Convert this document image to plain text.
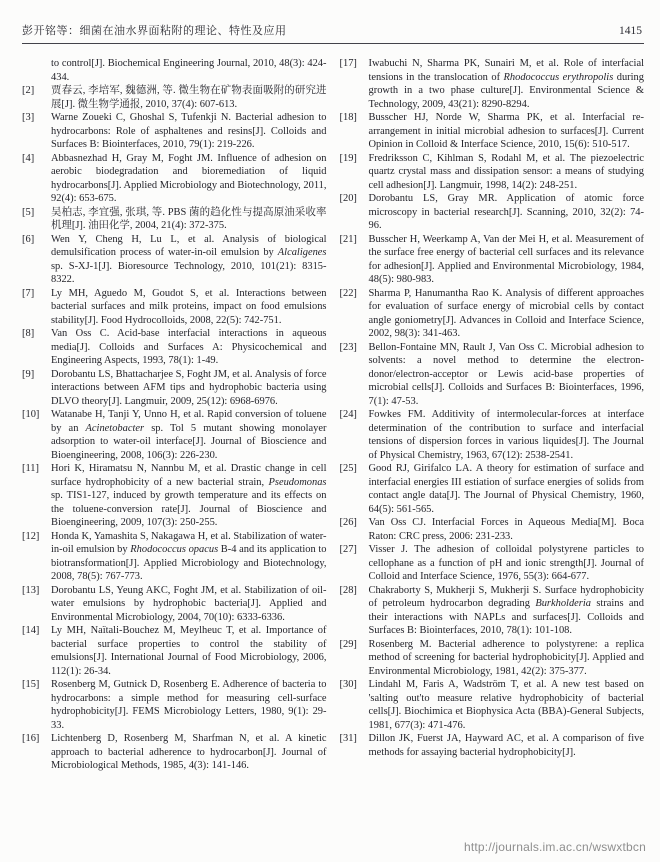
彭开铭等：细菌在油水界面粘附的理论、特性及应用	1415
to control[J]. Biochemical Engineering Journal, 2010, 48(3): 424-434.
[2]	贾春云, 李培军, 魏德洲, 等. 微生物在矿物表面吸附的研究进展[J]. 微生物学通报, 2010, 37(4): 607-613.
[3]	Warne Zoueki C, Ghoshal S, Tufenkji N. Bacterial adhesion to hydrocarbons: Role of asphaltenes and resins[J]. Colloids and Surfaces B: Biointerfaces, 2010, 79(1): 219-226.
[4]	Abbasnezhad H, Gray M, Foght JM. Influence of adhesion on aerobic biodegradation and bioremediation of liquid hydrocarbons[J]. Applied Microbiology and Biotechnology, 2011, 92(4): 653-675.
[5]	吴柏志, 李宜强, 张琪, 等. PBS 菌的趋化性与提高原油采收率机理[J]. 油田化学, 2004, 21(4): 372-375.
[6]	Wen Y, Cheng H, Lu L, et al. Analysis of biological demulsification process of water-in-oil emulsion by Alcaligenes sp. S-XJ-1[J]. Bioresource Technology, 2010, 101(21): 8315-8322.
[7]	Ly MH, Aguedo M, Goudot S, et al. Interactions between bacterial surfaces and milk proteins, impact on food emulsions stability[J]. Food Hydrocolloids, 2008, 22(5): 742-751.
[8]	Van Oss C. Acid-base interfacial interactions in aqueous media[J]. Colloids and Surfaces A: Physicochemical and Engineering Aspects, 1993, 78(1): 1-49.
[9]	Dorobantu LS, Bhattacharjee S, Foght JM, et al. Analysis of force interactions between AFM tips and hydrophobic bacteria using DLVO theory[J]. Langmuir, 2009, 25(12): 6968-6976.
[10]	Watanabe H, Tanji Y, Unno H, et al. Rapid conversion of toluene by an Acinetobacter sp. Tol 5 mutant showing monolayer adsorption to water-oil interface[J]. Journal of Bioscience and Bioengineering, 2008, 106(3): 226-230.
[11]	Hori K, Hiramatsu N, Nannbu M, et al. Drastic change in cell surface hydrophobicity of a new bacterial strain, Pseudomonas sp. TIS1-127, induced by growth temperature and its effects on the toluene-conversion rate[J]. Journal of Bioscience and Bioengineering, 2009, 107(3): 250-255.
[12]	Honda K, Yamashita S, Nakagawa H, et al. Stabilization of water-in-oil emulsion by Rhodococcus opacus B-4 and its application to biotransformation[J]. Applied Microbiology and Biotechnology, 2008, 78(5): 767-773.
[13]	Dorobantu LS, Yeung AKC, Foght JM, et al. Stabilization of oil-water emulsions by hydrophobic bacteria[J]. Applied and Environmental Microbiology, 2004, 70(10): 6333-6336.
[14]	Ly MH, Naïtali-Bouchez M, Meylheuc T, et al. Importance of bacterial surface properties to control the stability of emulsions[J]. International Journal of Food Microbiology, 2006, 112(1): 26-34.
[15]	Rosenberg M, Gutnick D, Rosenberg E. Adherence of bacteria to hydrocarbons: a simple method for measuring cell-surface hydrophobicity[J]. FEMS Microbiology Letters, 1980, 9(1): 29-33.
[16]	Lichtenberg D, Rosenberg M, Sharfman N, et al. A kinetic approach to bacterial adherence to hydrocarbon[J]. Journal of Microbiological Methods, 1985, 4(3): 141-146.
[17]	Iwabuchi N, Sharma PK, Sunairi M, et al. Role of interfacial tensions in the translocation of Rhodococcus erythropolis during growth in a two phase culture[J]. Environmental Science & Technology, 2009, 43(21): 8290-8294.
[18]	Busscher HJ, Norde W, Sharma PK, et al. Interfacial re-arrangement in initial microbial adhesion to surfaces[J]. Current Opinion in Colloid & Interface Science, 2010, 15(6): 510-517.
[19]	Fredriksson C, Kihlman S, Rodahl M, et al. The piezoelectric quartz crystal mass and dissipation sensor: a means of studying cell adhesion[J]. Langmuir, 1998, 14(2): 248-251.
[20]	Dorobantu LS, Gray MR. Application of atomic force microscopy in bacterial research[J]. Scanning, 2010, 32(2): 74-96.
[21]	Busscher H, Weerkamp A, Van der Mei H, et al. Measurement of the surface free energy of bacterial cell surfaces and its relevance for adhesion[J]. Applied and Environmental Microbiology, 1984, 48(5): 980-983.
[22]	Sharma P, Hanumantha Rao K. Analysis of different approaches for evaluation of surface energy of microbial cells by contact angle goniometry[J]. Advances in Colloid and Interface Science, 2002, 98(3): 341-463.
[23]	Bellon-Fontaine MN, Rault J, Van Oss C. Microbial adhesion to solvents: a novel method to determine the electron-donor/electron-acceptor or Lewis acid-base properties of microbial cells[J]. Colloids and Surfaces B: Biointerfaces, 1996, 7(1): 47-53.
[24]	Fowkes FM. Additivity of intermolecular-forces at interface determination of the contribution to surface and interfacial tensions of dispersion forces in various liquides[J]. The Journal of Physical Chemistry, 1963, 67(12): 2538-2541.
[25]	Good RJ, Girifalco LA. A theory for estimation of surface and interfacial energies III estiation of surface energies of solids from contact angle data[J]. The Journal of Physical Chemistry, 1960, 64(5): 561-565.
[26]	Van Oss CJ. Interfacial Forces in Aqueous Media[M]. Boca Raton: CRC press, 2006: 231-233.
[27]	Visser J. The adhesion of colloidal polystyrene particles to cellophane as a function of pH and ionic strength[J]. Journal of Colloid and Interface Science, 1976, 55(3): 664-677.
[28]	Chakraborty S, Mukherji S, Mukherji S. Surface hydrophobicity of petroleum hydrocarbon degrading Burkholderia strains and their interactions with NAPLs and surfaces[J]. Colloids and Surfaces B: Biointerfaces, 2010, 78(1): 101-108.
[29]	Rosenberg M. Bacterial adherence to polystyrene: a replica method of screening for bacterial hydrophobicity[J]. Applied and Environmental Microbiology, 1981, 42(2): 375-377.
[30]	Lindahl M, Faris A, Wadström T, et al. A new test based on 'salting out'to measure relative hydrophobicity of bacterial cells[J]. Biochimica et Biophysica Acta (BBA)-General Subjects, 1981, 677(3): 471-476.
[31]	Dillon JK, Fuerst JA, Hayward AC, et al. A comparison of five methods for assaying bacterial hydrophobicity[J].
http://journals.im.ac.cn/wswxtbcn
